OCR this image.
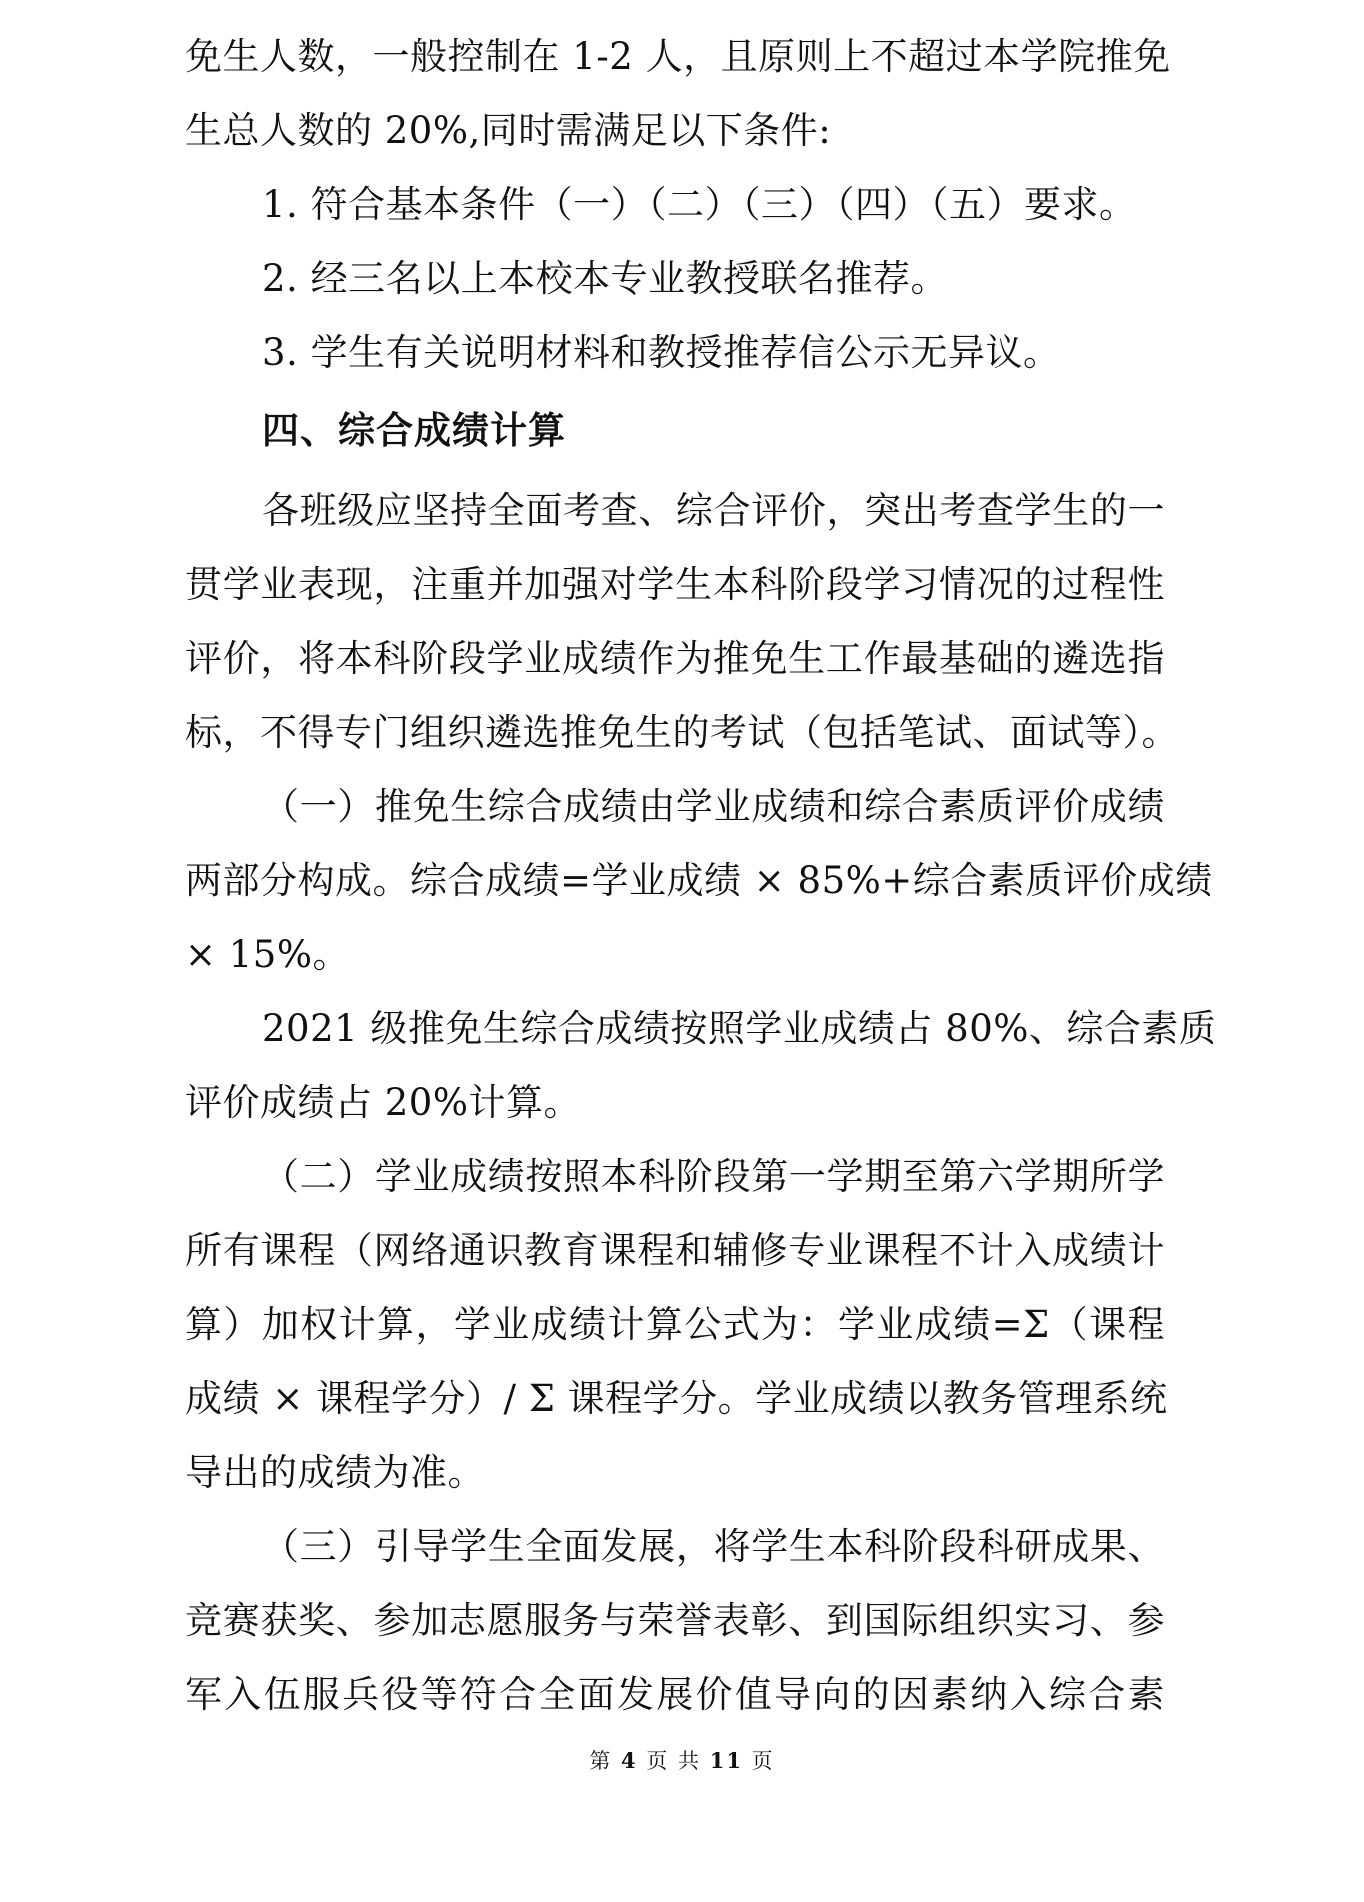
免生人数，一般控制在 1-2 人，且原则上不超过本学院推免
生总人数的 20%,同时需满足以下条件:
1. 符合基本条件（一）（二）（三）（四）（五）要求。
2. 经三名以上本校本专业教授联名推荐。
3. 学生有关说明材料和教授推荐信公示无异议。
四、综合成绩计算
各班级应坚持全面考查、综合评价，突出考查学生的一
贯学业表现，注重并加强对学生本科阶段学习情况的过程性
评价，将本科阶段学业成绩作为推免生工作最基础的遴选指
标，不得专门组织遴选推免生的考试（包括笔试、面试等）。
（一）推免生综合成绩由学业成绩和综合素质评价成绩
两部分构成。综合成绩=学业成绩 × 85%+综合素质评价成绩
× 15%。
2021 级推免生综合成绩按照学业成绩占 80%、综合素质
评价成绩占 20%计算。
（二）学业成绩按照本科阶段第一学期至第六学期所学
所有课程（网络通识教育课程和辅修专业课程不计入成绩计
算）加权计算，学业成绩计算公式为：学业成绩=Σ（课程
成绩 × 课程学分）/ Σ 课程学分。学业成绩以教务管理系统
导出的成绩为准。
（三）引导学生全面发展，将学生本科阶段科研成果、
竞赛获奖、参加志愿服务与荣誉表彰、到国际组织实习、参
军入伍服兵役等符合全面发展价值导向的因素纳入综合素
第 4 页 共 11 页
